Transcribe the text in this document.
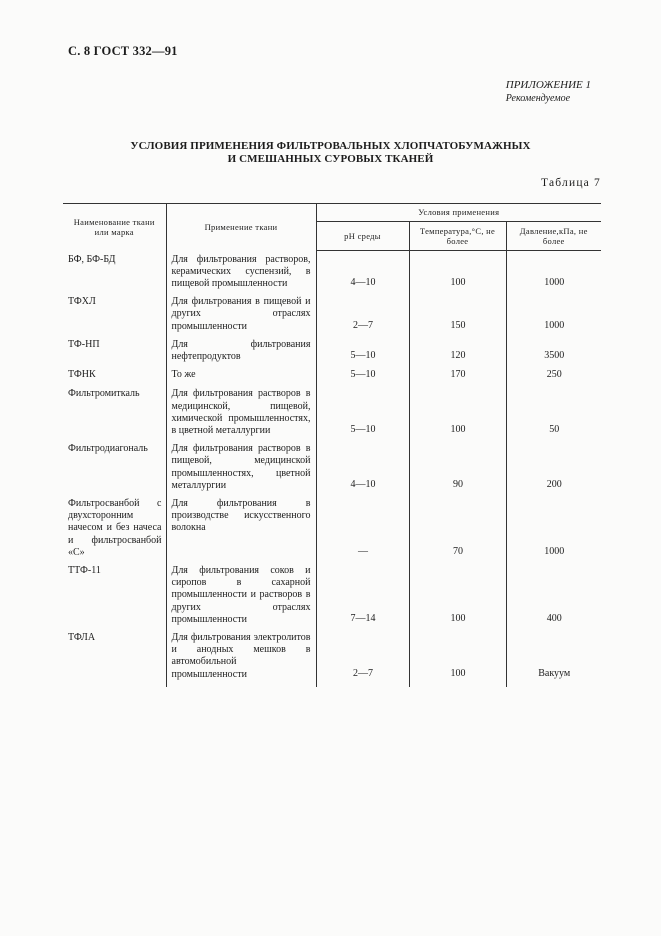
С. 8 ГОСТ 332—91
ПРИЛОЖЕНИЕ 1
Рекомендуемое
УСЛОВИЯ ПРИМЕНЕНИЯ ФИЛЬТРОВАЛЬНЫХ ХЛОПЧАТОБУМАЖНЫХ
И СМЕШАННЫХ СУРОВЫХ ТКАНЕЙ
Таблица 7
Наименование ткани или марка	Применение ткани	Условия применения		
		pH среды	Температура,°С, не более	Давление,кПа, не более
БФ, БФ-БД	Для фильтрования растворов, керамических суспензий, в пищевой промышленности	4—10	100	1000
ТФХЛ	Для фильтрования в пищевой и других отраслях промышленности	2—7	150	1000
ТФ-НП	Для фильтрования нефтепродуктов	5—10	120	3500
ТФНК	То же	5—10	170	250
Фильтромиткаль	Для фильтрования растворов в медицинской, пищевой, химической промышленностях, в цветной металлургии	5—10	100	50
Фильтродиагональ	Для фильтрования растворов в пищевой, медицинской промышленностях, цветной металлургии	4—10	90	200
Фильтросванбой с двухсторонним начесом и без начеса и фильтросванбой «С»	Для фильтрования в производстве искусственного волокна	—	70	1000
ТТФ-11	Для фильтрования соков и сиропов в сахарной промышленности и растворов в других отраслях промышленности	7—14	100	400
ТФЛА	Для фильтрования электролитов и анодных мешков в автомобильной промышленности	2—7	100	Вакуум
